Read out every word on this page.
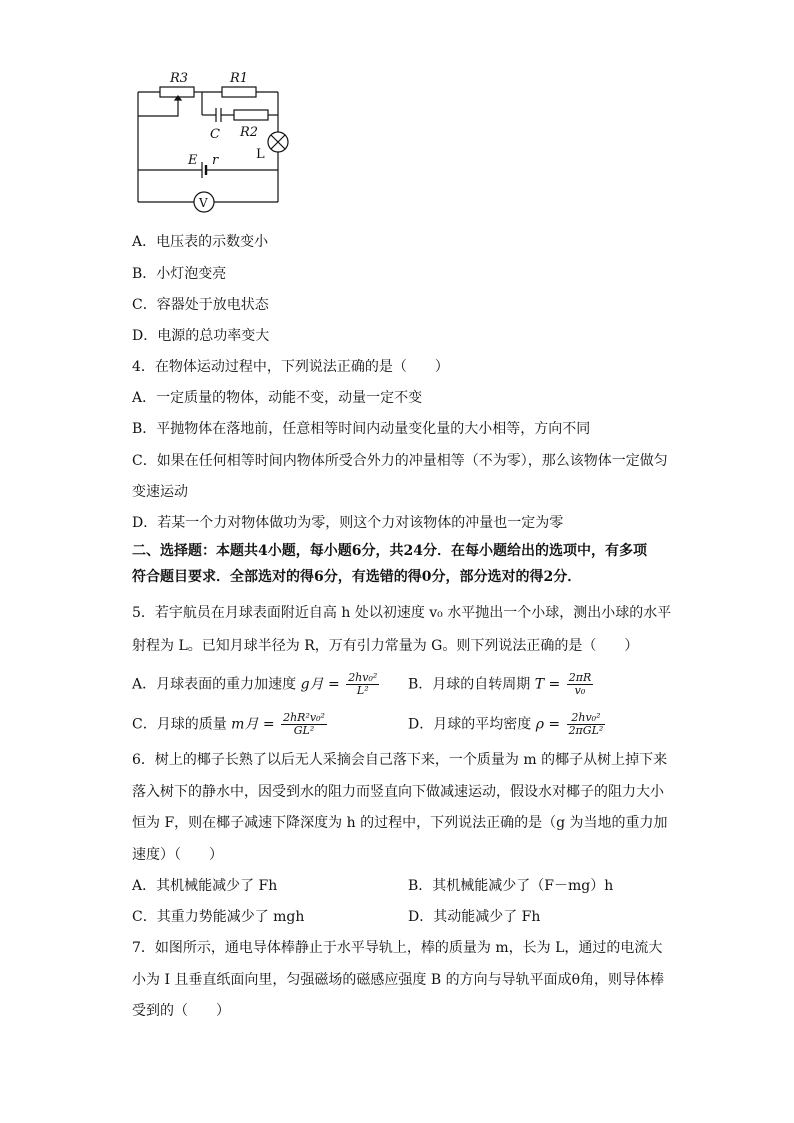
R3	R1
C R2
L
E r
V
A．电压表的示数变小
B．小灯泡变亮
C．容器处于放电状态
D．电源的总功率变大
4．在物体运动过程中，下列说法正确的是（　　）
A．一定质量的物体，动能不变，动量一定不变
B．平抛物体在落地前，任意相等时间内动量变化量的大小相等，方向不同
C．如果在任何相等时间内物体所受合外力的冲量相等（不为零），那么该物体一定做匀
变速运动
D．若某一个力对物体做功为零，则这个力对该物体的冲量也一定为零
二、选择题：本题共4小题，每小题6分，共24分．在每小题给出的选项中，有多项
符合题目要求．全部选对的得6分，有选错的得0分，部分选对的得2分．
5．若宇航员在月球表面附近自高 h 处以初速度 v₀ 水平抛出一个小球，测出小球的水平
射程为 L。已知月球半径为 R，万有引力常量为 G。则下列说法正确的是（　　）
A．月球表面的重力加速度 g月 = $\frac{\text{2hv₀²}}{\text{L²}}$ B．月球的自转周期 $T = \frac{2\pi R}{\text{v₀}}$
C．月球的质量 m月 = $\frac{\text{2hR²v₀²}}{\text{GL²}}$	D．月球的平均密度 $\rho = \frac{\text{2hv₀²}}{\text{2πGL²}}$
6．树上的椰子长熟了以后无人采摘会自己落下来，一个质量为 m 的椰子从树上掉下来
落入树下的静水中，因受到水的阻力而竖直向下做减速运动，假设水对椰子的阻力大小
恒为 F，则在椰子减速下降深度为 h 的过程中，下列说法正确的是（g 为当地的重力加
速度）（　　）
A．其机械能减少了 Fh	B．其机械能减少了（F－mg）h
C．其重力势能减少了 mgh	D．其动能减少了 Fh
7．如图所示，通电导体棒静止于水平导轨上，棒的质量为 m，长为 L，通过的电流大
小为 I 且垂直纸面向里，匀强磁场的磁感应强度 B 的方向与导轨平面成θ角，则导体棒
受到的（　　）
